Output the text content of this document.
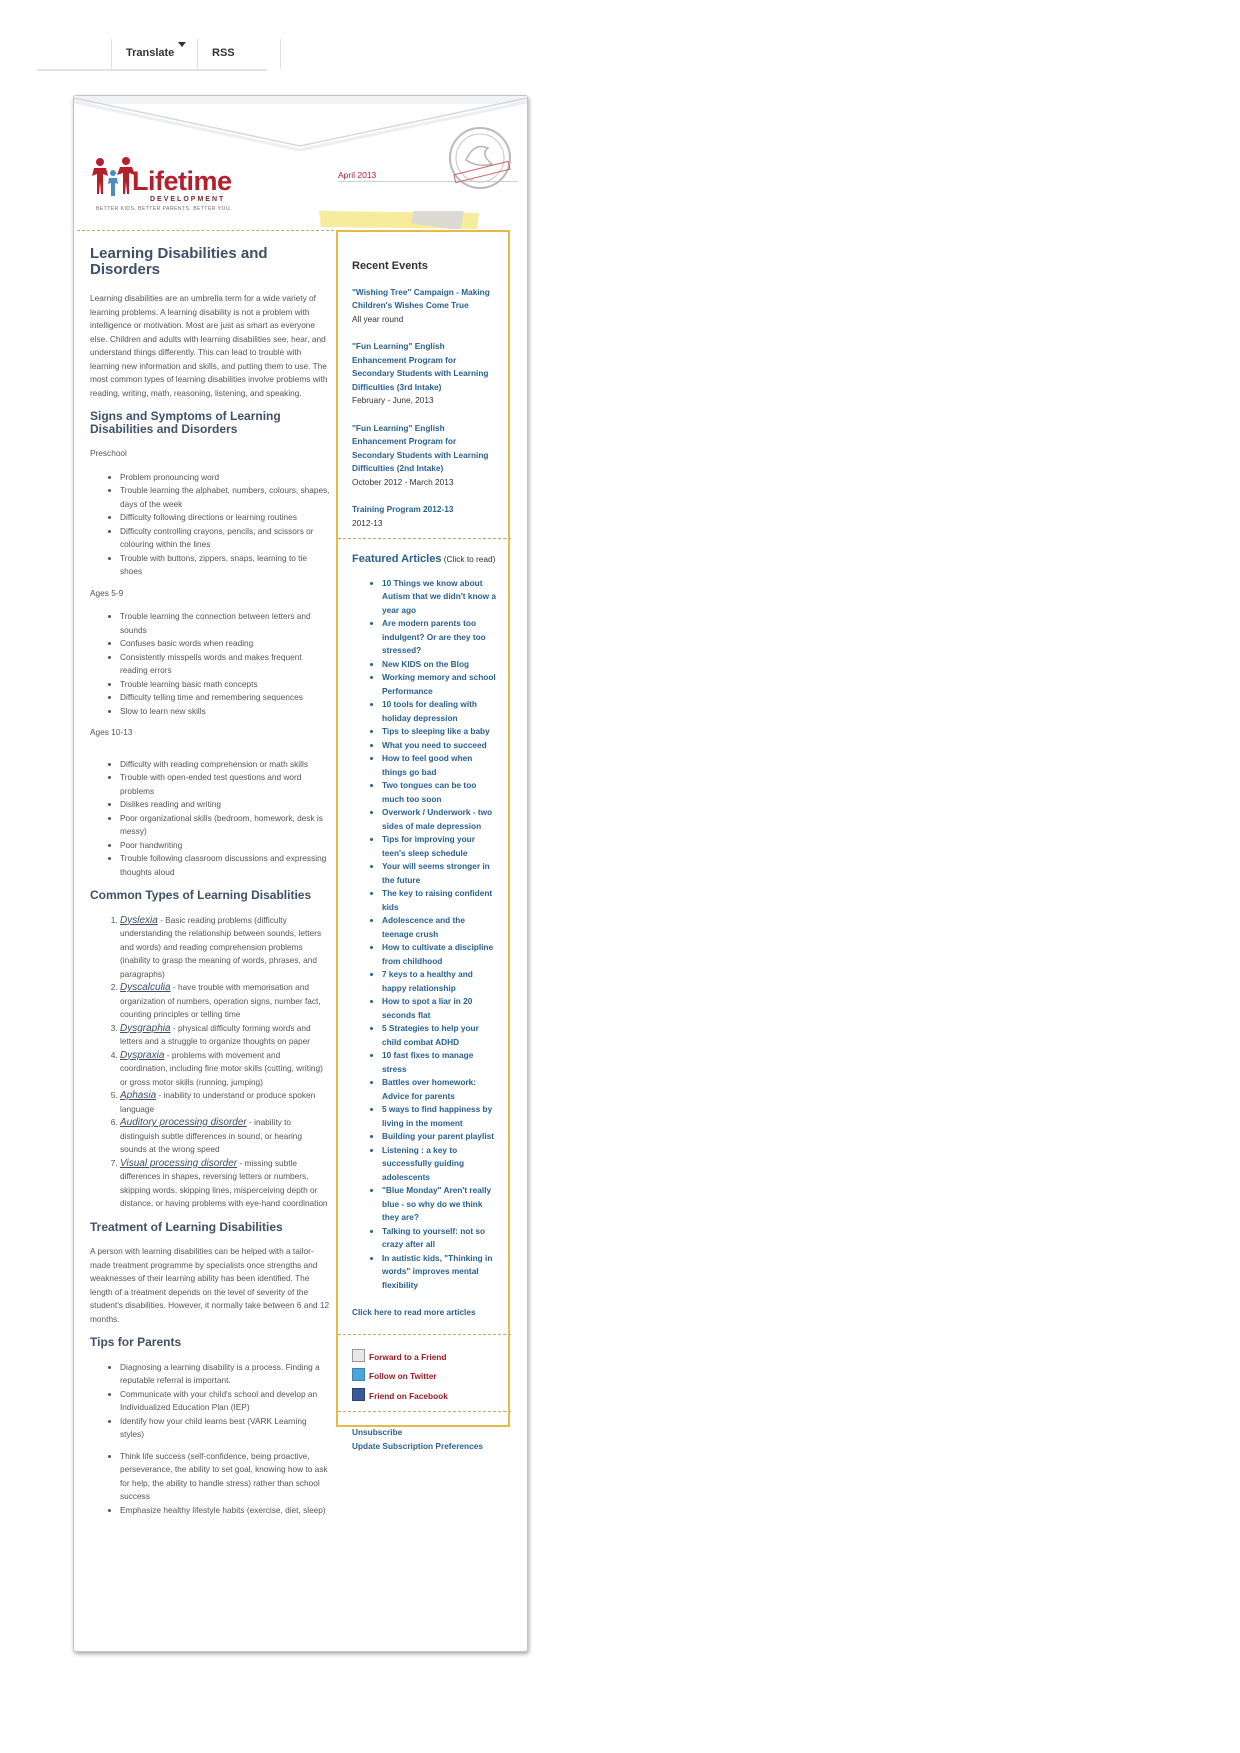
Translate	RSS
Lifetime
DEVELOPMENT
BETTER KIDS. BETTER PARENTS. BETTER YOU.
April 2013
Learning Disabilities and Disorders

Learning disabilities are an umbrella term for a wide variety of learning problems. A learning disability is not a problem with intelligence or motivation. Most are just as smart as everyone else. Children and adults with learning disabilities see, hear, and understand things differently. This can lead to trouble with learning new information and skills, and putting them to use. The most common types of learning disabilities involve problems with reading, writing, math, reasoning, listening, and speaking.

Signs and Symptoms of Learning Disabilities and Disorders

Preschool

• Problem pronouncing word
• Trouble learning the alphabet, numbers, colours, shapes, days of the week
• Difficulty following directions or learning routines
• Difficulty controlling crayons, pencils, and scissors or colouring within the lines
• Trouble with buttons, zippers, snaps, learning to tie shoes

Ages 5-9

• Trouble learning the connection between letters and sounds
• Confuses basic words when reading
• Consistently misspells words and makes frequent reading errors
• Trouble learning basic math concepts
• Difficulty telling time and remembering sequences
• Slow to learn new skills

Ages 10-13

• Difficulty with reading comprehension or math skills
• Trouble with open-ended test questions and word problems
• Dislikes reading and writing
• Poor organizational skills (bedroom, homework, desk is messy)
• Poor handwriting
• Trouble following classroom discussions and expressing thoughts aloud
Common Types of Learning Disablities
1. Dyslexia - Basic reading problems (difficulty understanding the relationship between sounds, letters and words) and reading comprehension problems (inability to grasp the meaning of words, phrases, and paragraphs)
2. Dyscalculia - have trouble with memorisation and organization of numbers, operation signs, number fact, counting principles or telling time
3. Dysgraphia - physical difficulty forming words and letters and a struggle to organize thoughts on paper
4. Dyspraxia - problems with movement and coordination, including fine motor skills (cutting, writing) or gross motor skills (running, jumping)
5. Aphasia - inability to understand or produce spoken language
6. Auditory processing disorder - inability to distinguish subtle differences in sound, or hearing sounds at the wrong speed
7. Visual processing disorder - missing subtle differences in shapes, reversing letters or numbers, skipping words, skipping lines, misperceiving depth or distance, or having problems with eye-hand coordination
Treatment of Learning Disabilities

A person with learning disabilities can be helped with a tailor-made treatment programme by specialists once strengths and weaknesses of their learning ability has been identified. The length of a treatment depends on the level of severity of the student's disabilities. However, it normally take between 6 and 12 months.

Tips for Parents
• Diagnosing a learning disability is a process. Finding a reputable referral is important.
• Communicate with your child's school and develop an Individualized Education Plan (IEP)
• Identify how your child learns best (VARK Learning styles)
• Think life success (self-confidence, being proactive, perseverance, the ability to set goal, knowing how to ask for help, the ability to handle stress) rather than school success
• Emphasize healthy lifestyle habits (exercise, diet, sleep)
Recent Events
"Wishing Tree" Campaign - Making Children's Wishes Come True
All year round
"Fun Learning" English Enhancement Program for Secondary Students with Learning Difficulties (3rd Intake)
February - June, 2013
"Fun Learning" English Enhancement Program for Secondary Students with Learning Difficulties (2nd Intake)
October 2012 - March 2013
Training Program 2012-13
2012-13
Featured Articles (Click to read)
• 10 Things we know about Autism that we didn't know a year ago
• Are modern parents too indulgent? Or are they too stressed?
• New KIDS on the Blog
• Working memory and school Performance
• 10 tools for dealing with holiday depression
• Tips to sleeping like a baby
• What you need to succeed
• How to feel good when things go bad
• Two tongues can be too much too soon
• Overwork / Underwork - two sides of male depression
• Tips for improving your teen's sleep schedule
• Your will seems stronger in the future
• The key to raising confident kids
• Adolescence and the teenage crush
• How to cultivate a discipline from childhood
• 7 keys to a healthy and happy relationship
• How to spot a liar in 20 seconds flat
• 5 Strategies to help your child combat ADHD
• 10 fast fixes to manage stress
• Battles over homework: Advice for parents
• 5 ways to find happiness by living in the moment
• Building your parent playlist
• Listening : a key to successfully guiding adolescents
• "Blue Monday" Aren't really blue - so why do we think they are?
• Talking to yourself: not so crazy after all
• In autistic kids, "Thinking in words" improves mental flexibility
Click here to read more articles
Forward to a Friend
Follow on Twitter
Friend on Facebook
Unsubscribe
Update Subscription Preferences
